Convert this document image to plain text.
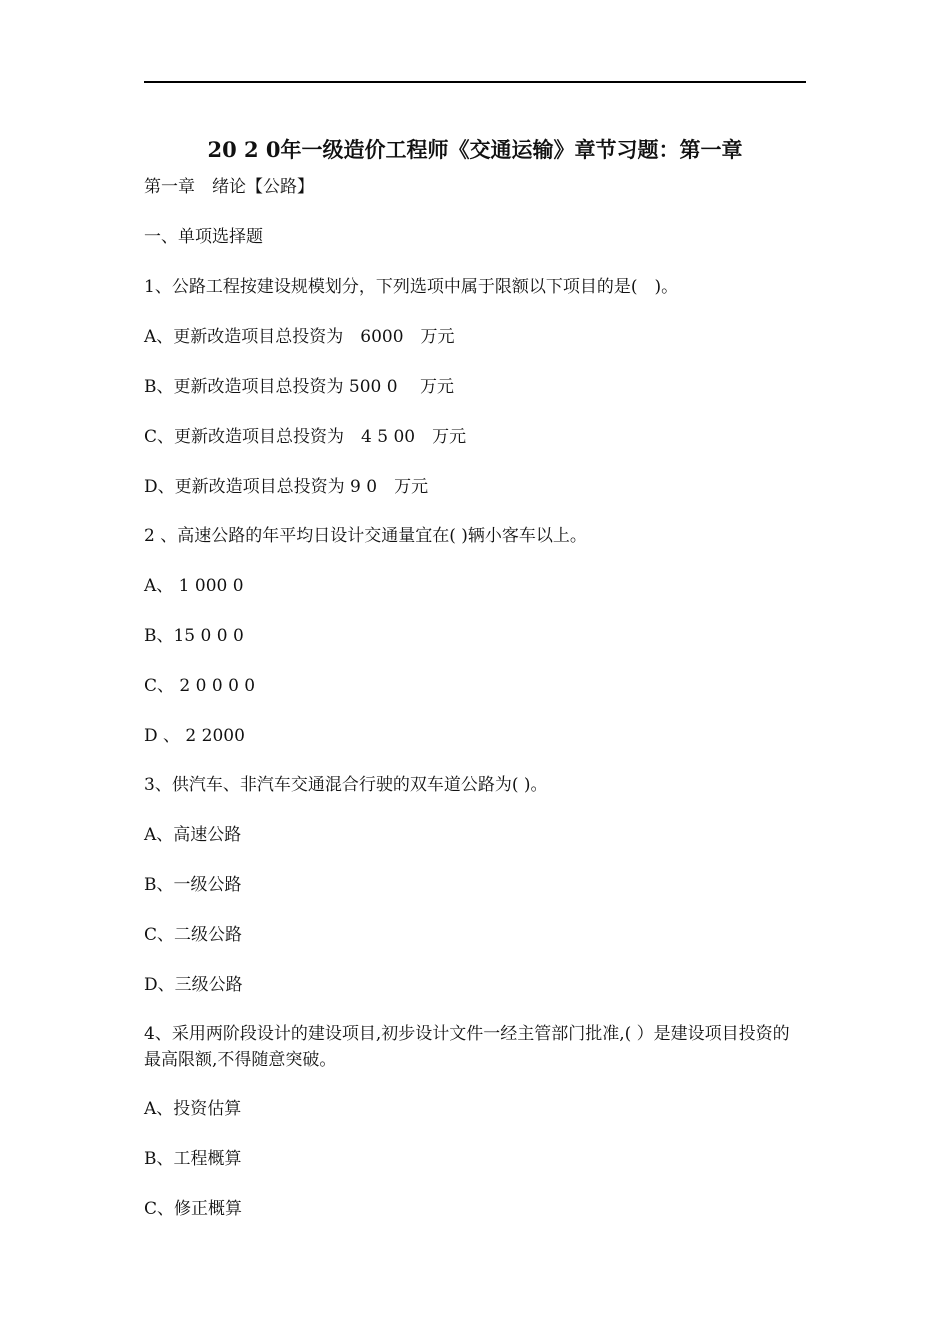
20 2 0年一级造价工程师《交通运输》章节习题：第一章
第一章　绪论【公路】
一、单项选择题
1、公路工程按建设规模划分，下列选项中属于限额以下项目的是(　)。
A、更新改造项目总投资为　6000　万元
B、更新改造项目总投资为 500 0　 万元
C、更新改造项目总投资为　4 5 00　万元
D、更新改造项目总投资为 9 0　万元
2 、高速公路的年平均日设计交通量宜在( )辆小客车以上。
A、 1 000 0
B、15 0 0 0
C、 2 0 0 0 0
D 、 2 2000
3、供汽车、非汽车交通混合行驶的双车道公路为( )。
A、高速公路
B、一级公路
C、二级公路
D、三级公路
4、采用两阶段设计的建设项目,初步设计文件一经主管部门批准,( ）是建设项目投资的最高限额,不得随意突破。
A、投资估算
B、工程概算
C、修正概算
